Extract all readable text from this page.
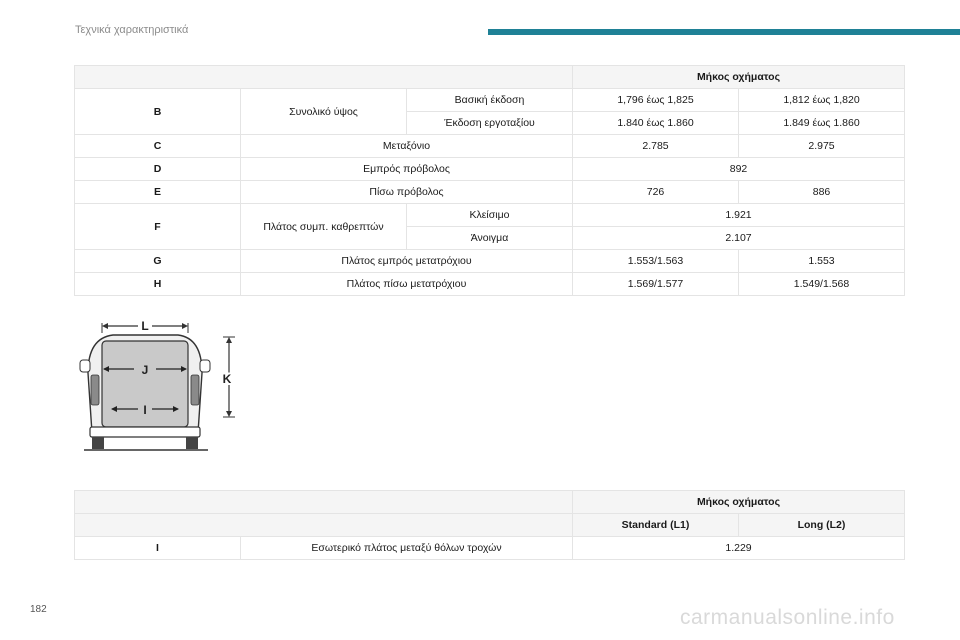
Τεχνικά χαρακτηριστικά
			Μήκος οχήματος	
B	Συνολικό ύψος	Βασική έκδοση	1,796 έως 1,825	1,812 έως 1,820
		Έκδοση εργοταξίου	1.840 έως 1.860	1.849 έως 1.860
C	Μεταξόνιο		2.785	2.975
D	Εμπρός πρόβολος		892	
E	Πίσω πρόβολος		726	886
F	Πλάτος συμπ. καθρεπτών	Κλείσιμο	1.921	
		Άνοιγμα	2.107	
G	Πλάτος εμπρός μετατρόχιου		1.553/1.563	1.553
H	Πλάτος πίσω μετατρόχιου		1.569/1.577	1.549/1.568
L
K
J
I
		Μήκος οχήματος	
		Standard (L1)	Long (L2)
I	Εσωτερικό πλάτος μεταξύ θόλων τροχών	1.229	
182	carmanualsonline.info
